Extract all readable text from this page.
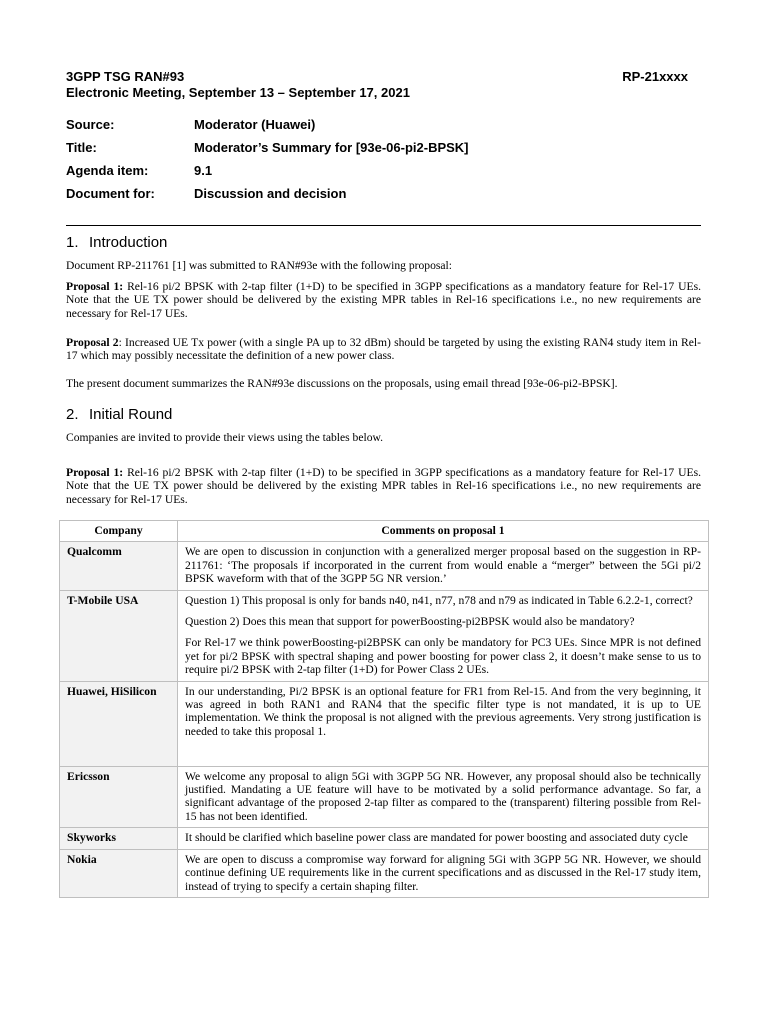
3GPP TSG RAN#93	RP-21xxxx
Electronic Meeting, September 13 – September 17, 2021
Source:	Moderator (Huawei)
Title:	Moderator’s Summary for [93e-06-pi2-BPSK]
Agenda item:	9.1
Document for:	Discussion and decision
1. Introduction
Document RP-211761 [1] was submitted to RAN#93e with the following proposal:
Proposal 1: Rel-16 pi/2 BPSK with 2-tap filter (1+D) to be specified in 3GPP specifications as a mandatory feature for Rel-17 UEs. Note that the UE TX power should be delivered by the existing MPR tables in Rel-16 specifications i.e., no new requirements are necessary for Rel-17 UEs.
Proposal 2: Increased UE Tx power (with a single PA up to 32 dBm) should be targeted by using the existing RAN4 study item in Rel-17 which may possibly necessitate the definition of a new power class.
The present document summarizes the RAN#93e discussions on the proposals, using email thread [93e-06-pi2-BPSK].
2. Initial Round
Companies are invited to provide their views using the tables below.
Proposal 1: Rel-16 pi/2 BPSK with 2-tap filter (1+D) to be specified in 3GPP specifications as a mandatory feature for Rel-17 UEs. Note that the UE TX power should be delivered by the existing MPR tables in Rel-16 specifications i.e., no new requirements are necessary for Rel-17 UEs.
Company	Comments on proposal 1
Qualcomm	We are open to discussion in conjunction with a generalized merger proposal based on the suggestion in RP-211761: ‘The proposals if incorporated in the current from would enable a “merger” between the 5Gi pi/2 BPSK waveform with that of the 3GPP 5G NR version.’

T-Mobile USA	Question 1) This proposal is only for bands n40, n41, n77, n78 and n79 as indicated in Table 6.2.2-1, correct?

Question 2) Does this mean that support for powerBoosting-pi2BPSK would also be mandatory?

For Rel-17 we think powerBoosting-pi2BPSK can only be mandatory for PC3 UEs. Since MPR is not defined yet for pi/2 BPSK with spectral shaping and power boosting for power class 2, it doesn’t make sense to us to require pi/2 BPSK with 2-tap filter (1+D) for Power Class 2 UEs.

Huawei, HiSilicon	In our understanding, Pi/2 BPSK is an optional feature for FR1 from Rel-15. And from the very beginning, it was agreed in both RAN1 and RAN4 that the specific filter type is not mandated, it is up to UE implementation. We think the proposal is not aligned with the previous agreements. Very strong justification is needed to take this proposal 1.

Ericsson	We welcome any proposal to align 5Gi with 3GPP 5G NR. However, any proposal should also be technically justified. Mandating a UE feature will have to be motivated by a solid performance advantage. So far, a significant advantage of the proposed 2-tap filter as compared to the (transparent) filtering possible from Rel-15 has not been identified.

Skyworks	It should be clarified which baseline power class are mandated for power boosting and associated duty cycle

Nokia	We are open to discuss a compromise way forward for aligning 5Gi with 3GPP 5G NR. However, we should continue defining UE requirements like in the current specifications and as discussed in the Rel-17 study item, instead of trying to specify a certain shaping filter.
